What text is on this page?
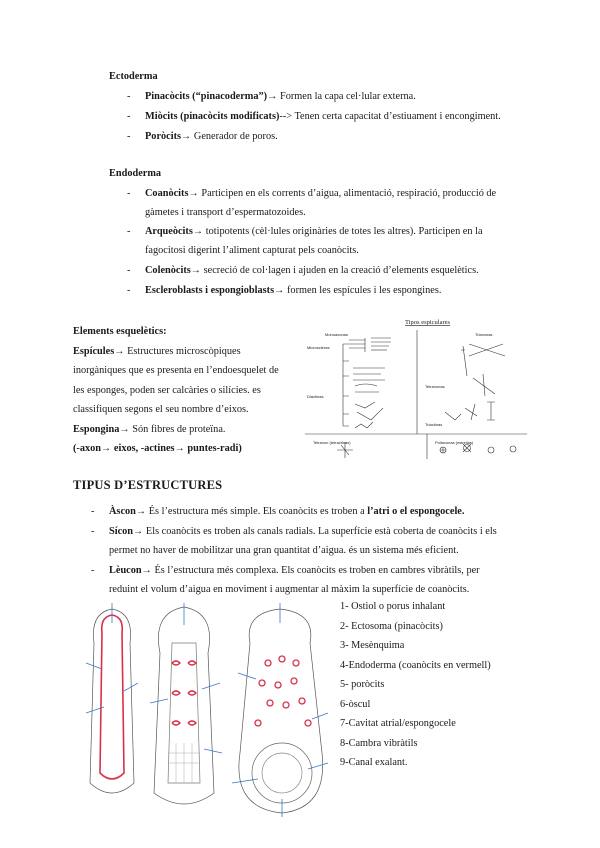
Ectoderma
- Pinacòcits (“pinacoderma”)→ Formen la capa cel·lular externa.
- Miòcits (pinacòcits modificats)--> Tenen certa capacitat d’estiuament i encongiment.
- Poròcits→ Generador de poros.
Endoderma
- Coanòcits→ Participen en els corrents d’aigua, alimentació, respiració, producció de
gàmetes i transport d’espermatozoides.
- Arqueòcits→ totipotents (cèl·lules originàries de totes les altres). Participen en la
fagocitosi digerint l’aliment capturat pels coanòcits.
- Colenòcits→ secreció de col·lagen i ajuden en la creació d’elements esquelètics.
- Escleroblasts i espongioblasts→ formen les espícules i les espongines.
Elements esquelètics:
Espícules→ Estructures microscòpiques
inorgàniques que es presenta en l’endoesquelet de
les esponges, poden ser calcàries o silícies. es
classifiquen segons el seu nombre d’eixos.
Espongina→ Són fibres de proteïna.
(-axon→ eixos, -actines→ puntes-radi)
Tipos espiculares
Monoaxonas	Triaxonas
Microscleras
Diactinas
Tetraxonas
Triactinas
Tetraxon (tetractinas)	Poliaxonas (estrellas)
TIPUS D’ESTRUCTURES
- Àscon→ És l’estructura més simple. Els coanòcits es troben a l’atri o el espongocele.
- Sícon→ Els coanòcits es troben als canals radials. La superfície està coberta de coanòcits i els
permet no haver de mobilitzar una gran quantitat d’aigua. és un sistema més eficient.
- Lèucon→ És l’estructura més complexa. Els coanòcits es troben en cambres vibràtils, per
reduint el volum d’aigua en moviment i augmentar al màxim la superfície de coanòcits.
1- Ostiol o porus inhalant
2- Ectosoma (pinacòcits)
3- Mesènquima
4-Endoderma (coanòcits en vermell)
5- poròcits
6-òscul
7-Cavitat atrial/espongocele
8-Cambra vibràtils
9-Canal exalant.
